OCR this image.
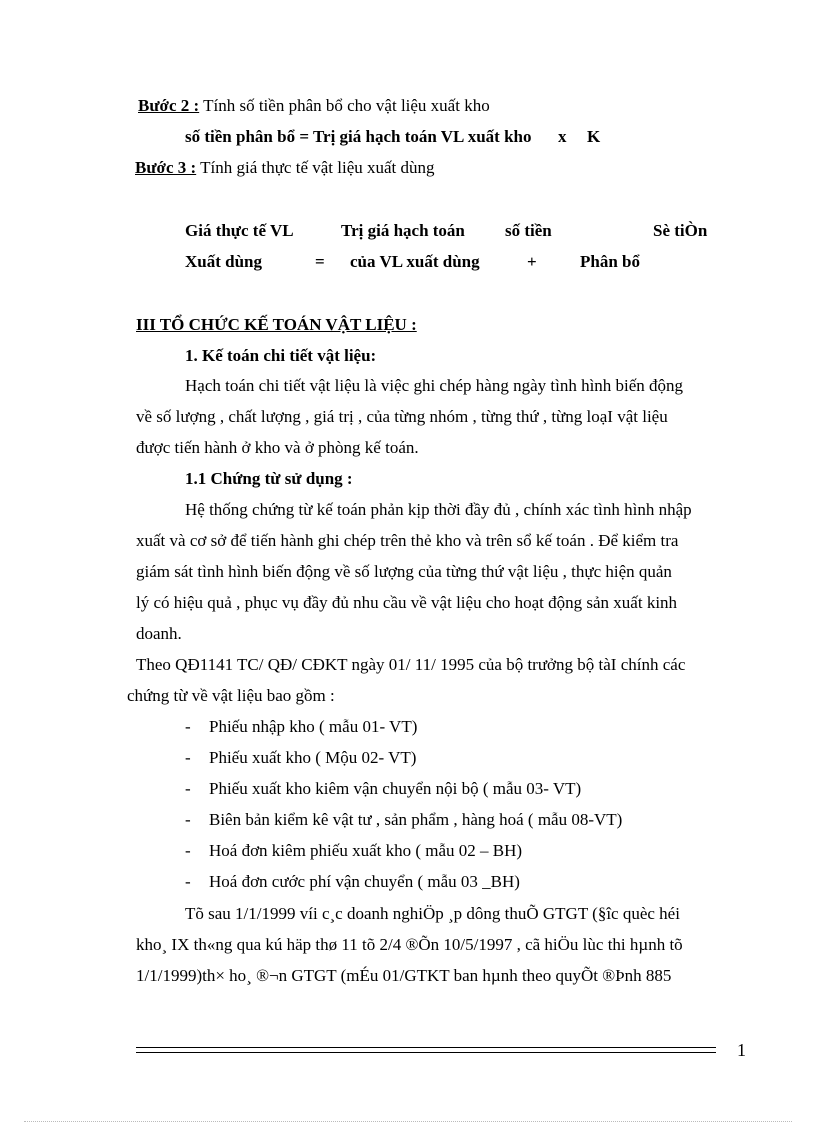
Bước 2 : Tính số tiền phân bổ cho vật liệu xuất kho
số tiền phân bổ = Trị giá hạch toán VL xuất kho x K
Bước 3 : Tính giá thực tế vật liệu xuất dùng
Giá thực tế VL	Trị giá hạch toán số tiền	Sè tiÒn
Xuất dùng	= của VL xuất dùng	+	Phân bổ
III TỔ CHỨC KẾ TOÁN VẬT LIỆU :
1. Kế toán chi tiết vật liệu:
Hạch toán chi tiết vật liệu là việc ghi chép hàng ngày tình hình biến động
về số lượng , chất lượng , giá trị , của từng nhóm , từng thứ , từng loạI vật liệu
được tiến hành ở kho và ở phòng kế toán.
1.1 Chứng từ sử dụng :
Hệ thống chứng từ kế toán phản kịp thời đầy đủ , chính xác tình hình nhập
xuất và cơ sở để tiến hành ghi chép trên thẻ kho và trên sổ kế toán . Để kiểm tra
giám sát tình hình biến động về số lượng của từng thứ vật liệu , thực hiện quản
lý có hiệu quả , phục vụ đầy đủ nhu cầu về vật liệu cho hoạt động sản xuất kinh
doanh.
Theo QĐ1141 TC/ QĐ/ CĐKT ngày 01/ 11/ 1995 của bộ trưởng bộ tàI chính các
chứng từ về vật liệu bao gồm :
- Phiếu nhập kho ( mẫu 01- VT)
- Phiếu xuất kho ( Mộu 02- VT)
- Phiếu xuất kho kiêm vận chuyển nội bộ ( mẫu 03- VT)
- Biên bản kiểm kê vật tư , sản phẩm , hàng hoá ( mẫu 08-VT)
- Hoá đơn kiêm phiếu xuất kho ( mẫu 02 – BH)
- Hoá đơn cước phí vận chuyển ( mẫu 03 _BH)
Tõ sau 1/1/1999 víi c¸c doanh nghiÖp ¸p dông thuÕ GTGT (§îc quèc héi
kho¸ IX th«ng qua kú häp thø 11 tõ 2/4 ®Õn 10/5/1997 , cã hiÖu lùc thi hµnh tõ
1/1/1999)th× ho¸ ®¬n GTGT (mÉu 01/GTKT ban hµnh theo quyÕt ®Þnh 885
1
